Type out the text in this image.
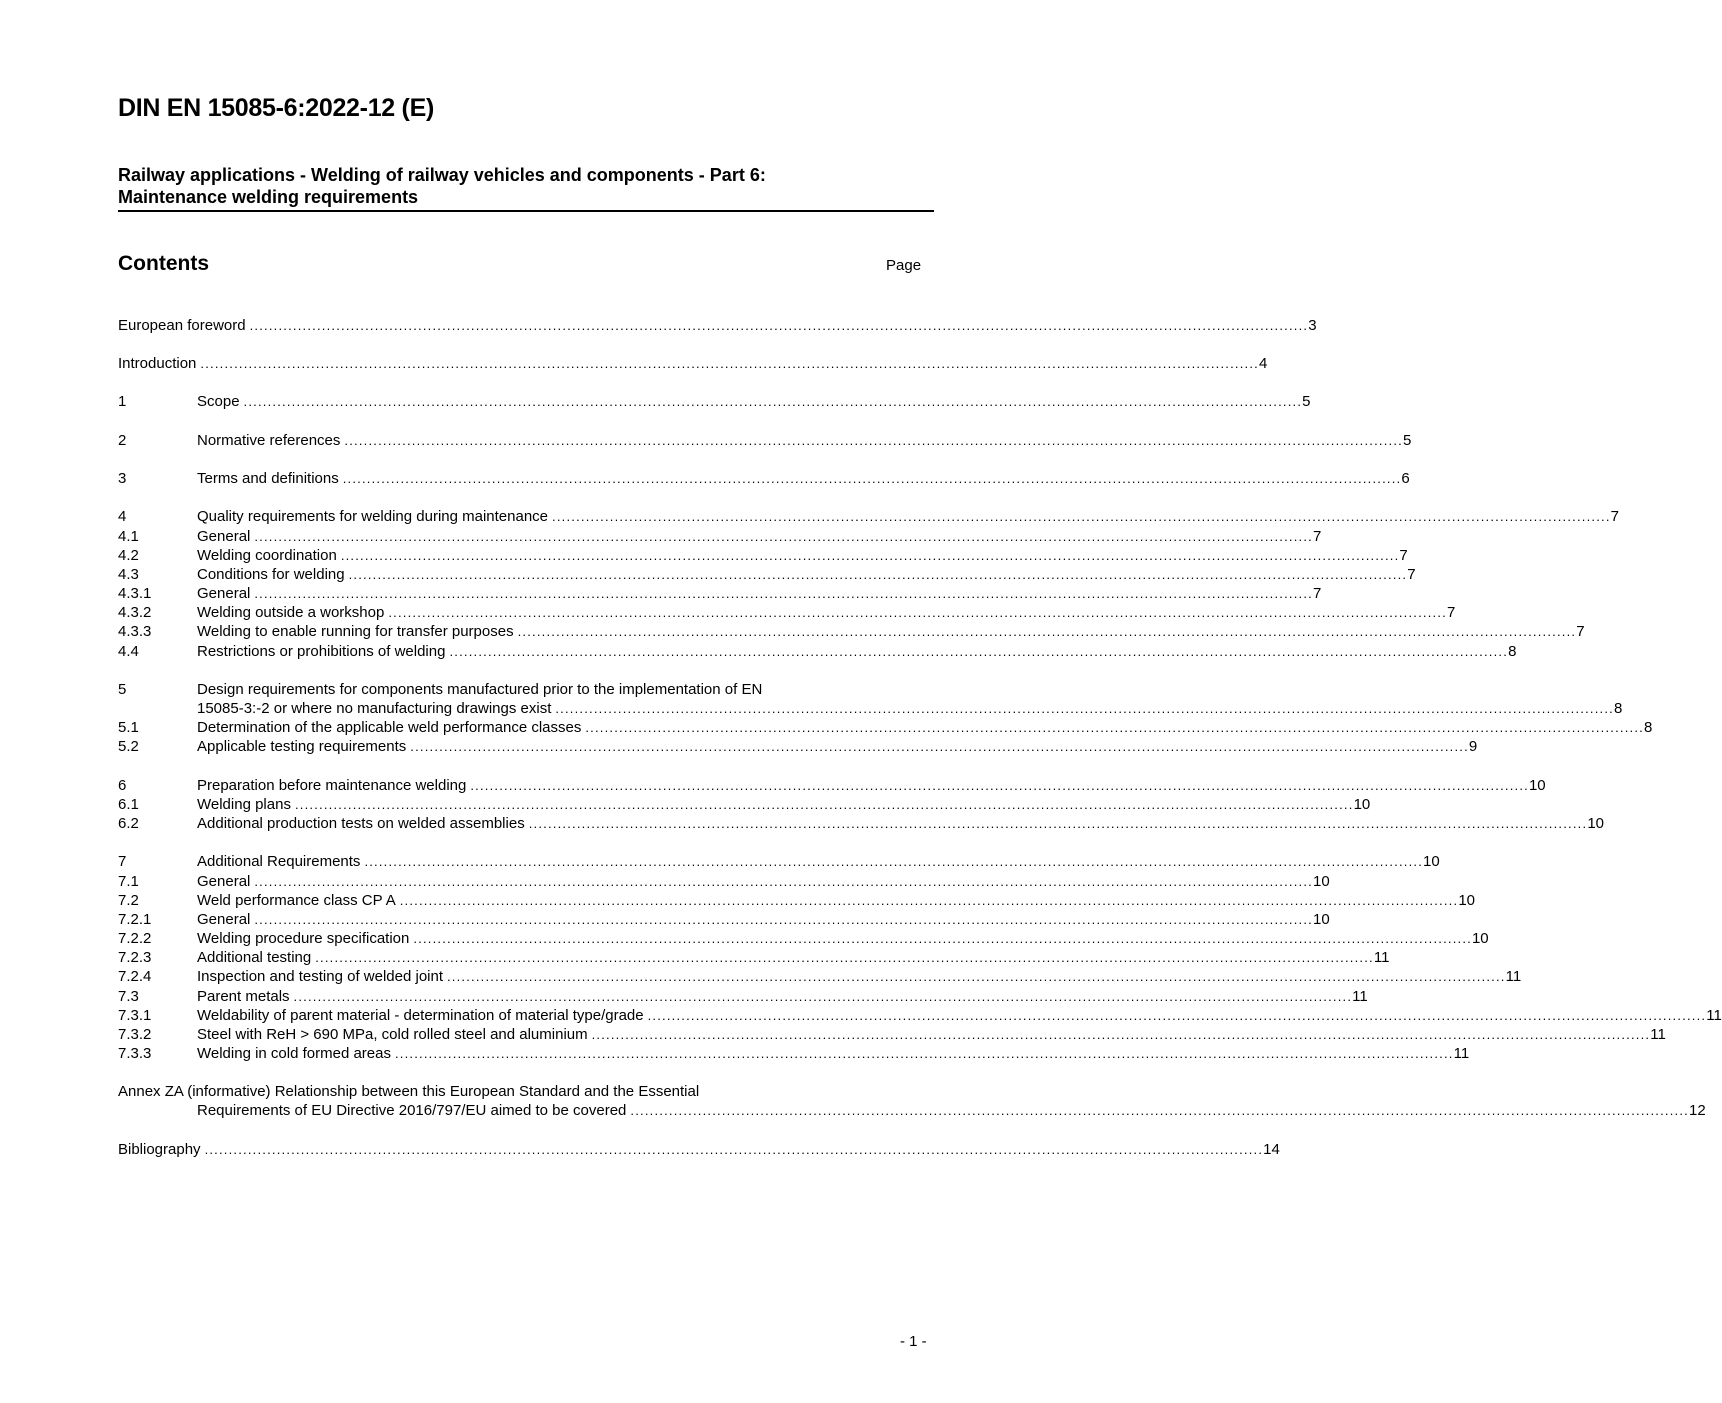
DIN EN 15085-6:2022-12 (E)
Railway applications - Welding of railway vehicles and components - Part 6:
Maintenance welding requirements
Contents	Page
European foreword ............................................................................................................................................................................................................................ 3
Introduction ............................................................................................................................................................................................................................ 4
1	Scope ............................................................................................................................................................................................................................ 5
2	Normative references ............................................................................................................................................................................................................................ 5
3	Terms and definitions ............................................................................................................................................................................................................................ 6
4	Quality requirements for welding during maintenance ............................................................................................................................................................................................................................ 7
4.1	General ............................................................................................................................................................................................................................ 7
4.2	Welding coordination ............................................................................................................................................................................................................................ 7
4.3	Conditions for welding ............................................................................................................................................................................................................................ 7
4.3.1	General ............................................................................................................................................................................................................................ 7
4.3.2	Welding outside a workshop ............................................................................................................................................................................................................................ 7
4.3.3	Welding to enable running for transfer purposes ............................................................................................................................................................................................................................ 7
4.4	Restrictions or prohibitions of welding ............................................................................................................................................................................................................................ 8
5	Design requirements for components manufactured prior to the implementation of EN
15085-3:-2 or where no manufacturing drawings exist ............................................................................................................................................................................................................................ 8
5.1	Determination of the applicable weld performance classes ............................................................................................................................................................................................................................ 8
5.2	Applicable testing requirements ............................................................................................................................................................................................................................ 9
6	Preparation before maintenance welding ............................................................................................................................................................................................................................ 10
6.1	Welding plans ............................................................................................................................................................................................................................ 10
6.2	Additional production tests on welded assemblies ............................................................................................................................................................................................................................ 10
7	Additional Requirements ............................................................................................................................................................................................................................ 10
7.1	General ............................................................................................................................................................................................................................ 10
7.2	Weld performance class CP A ............................................................................................................................................................................................................................ 10
7.2.1	General ............................................................................................................................................................................................................................ 10
7.2.2	Welding procedure specification ............................................................................................................................................................................................................................ 10
7.2.3	Additional testing ............................................................................................................................................................................................................................ 11
7.2.4	Inspection and testing of welded joint ............................................................................................................................................................................................................................ 11
7.3	Parent metals ............................................................................................................................................................................................................................ 11
7.3.1	Weldability of parent material - determination of material type/grade ............................................................................................................................................................................................................................ 11
7.3.2	Steel with ReH > 690 MPa, cold rolled steel and aluminium ............................................................................................................................................................................................................................ 11
7.3.3	Welding in cold formed areas ............................................................................................................................................................................................................................ 11
Annex ZA (informative) Relationship between this European Standard and the Essential
Requirements of EU Directive 2016/797/EU aimed to be covered ............................................................................................................................................................................................................................ 12
Bibliography ............................................................................................................................................................................................................................ 14
- 1 -
